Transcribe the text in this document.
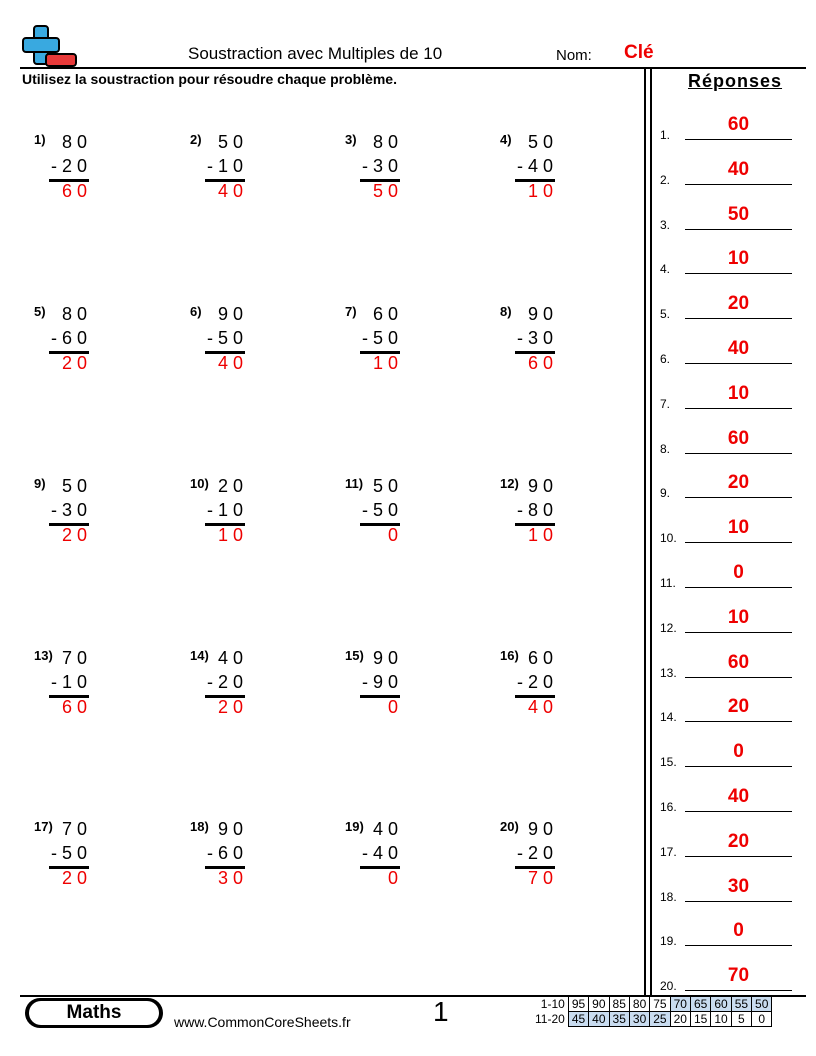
Soustraction avec Multiples de 10	Nom: Clé
Utilisez la soustraction pour résoudre chaque problème.	Réponses
1) 80
-20
60
2) 50
-10
40
3) 80
-30
50
4) 50
-40
10
5) 80
-60
20
6) 90
-50
40
7) 60
-50
10
8) 90
-30
60
9) 50
-30
20
10) 20
-10
10
11) 50
-50
0
12) 90
-80
10
13) 70
-10
60
14) 40
-20
20
15) 90
-90
0
16) 60
-20
40
17) 70
-50
20
18) 90
-60
30
19) 40
-40
0
20) 90
-20
70
1.	60
2.	40
3.	50
4.	10
5.	20
6.	40
7.	10
8.	60
9.	20
10.	10
11.	0
12.	10
13.	60
14.	20
15.	0
16.	40
17.	20
18.	30
19.	0
20.	70
Maths	www.CommonCoreSheets.fr	1	1-10	95	90	85	80	75	70	65	60	55	50
11-20	45	40	35	30	25	20	15	10	5	0
